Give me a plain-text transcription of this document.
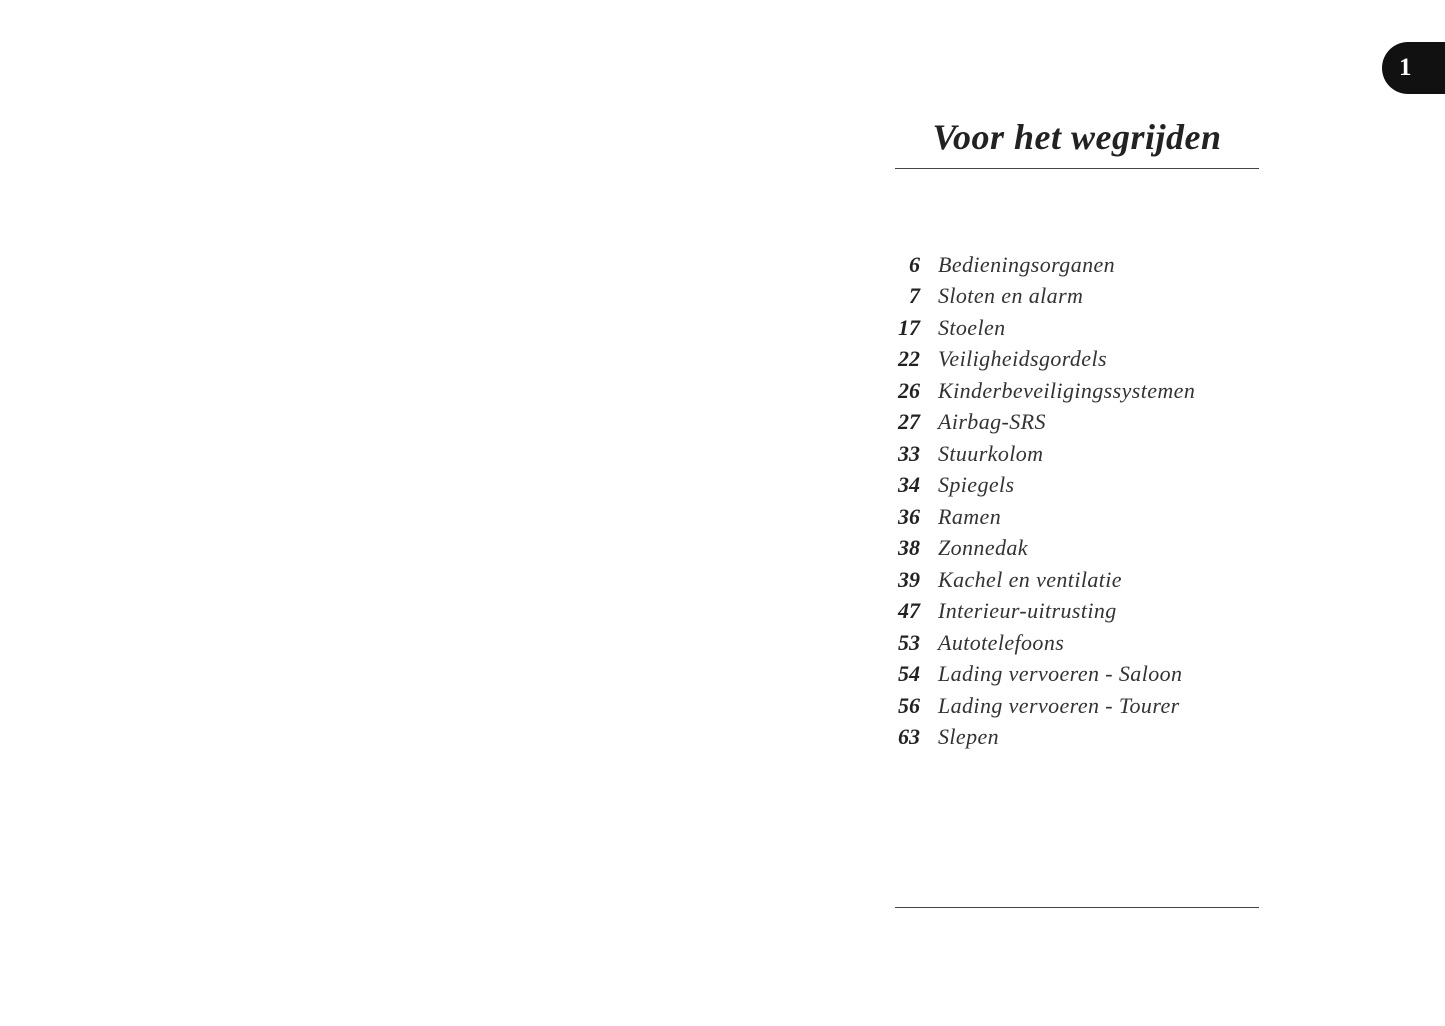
1
Voor het wegrijden
6 Bedieningsorganen
7 Sloten en alarm
17 Stoelen
22 Veiligheidsgordels
26 Kinderbeveiligingssystemen
27 Airbag-SRS
33 Stuurkolom
34 Spiegels
36 Ramen
38 Zonnedak
39 Kachel en ventilatie
47 Interieur-uitrusting
53 Autotelefoons
54 Lading vervoeren - Saloon
56 Lading vervoeren - Tourer
63 Slepen
